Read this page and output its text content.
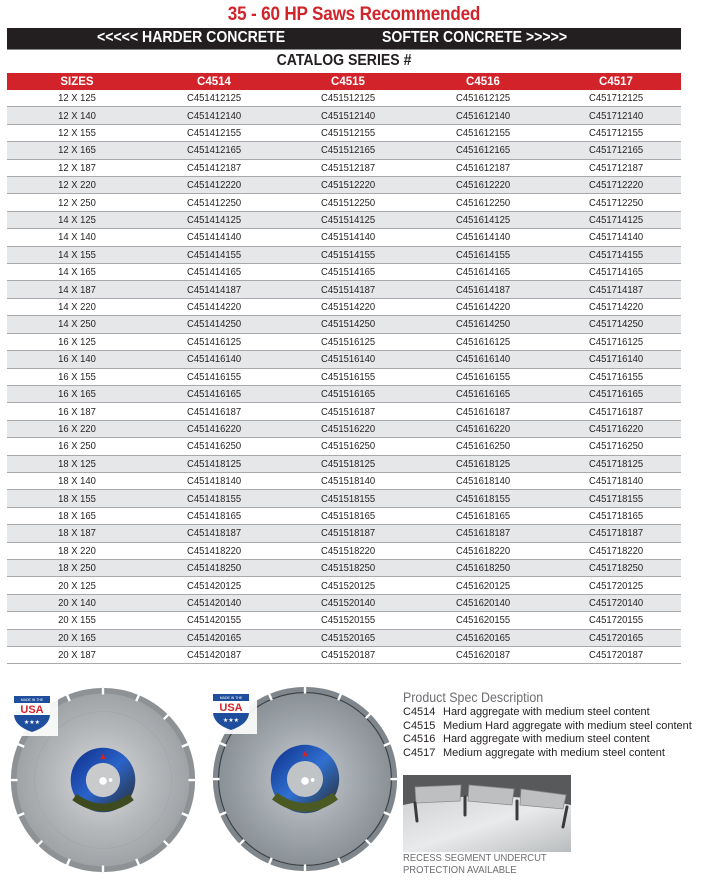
35 - 60 HP Saws Recommended
<<<<< HARDER CONCRETE	SOFTER CONCRETE >>>>>
CATALOG SERIES #
SIZES	C4514	C4515	C4516	C4517
12 X 125	C451412125	C451512125	C451612125	C451712125
12 X 140	C451412140	C451512140	C451612140	C451712140
12 X 155	C451412155	C451512155	C451612155	C451712155
12 X 165	C451412165	C451512165	C451612165	C451712165
12 X 187	C451412187	C451512187	C451612187	C451712187
12 X 220	C451412220	C451512220	C451612220	C451712220
12 X 250	C451412250	C451512250	C451612250	C451712250
14 X 125	C451414125	C451514125	C451614125	C451714125
14 X 140	C451414140	C451514140	C451614140	C451714140
14 X 155	C451414155	C451514155	C451614155	C451714155
14 X 165	C451414165	C451514165	C451614165	C451714165
14 X 187	C451414187	C451514187	C451614187	C451714187
14 X 220	C451414220	C451514220	C451614220	C451714220
14 X 250	C451414250	C451514250	C451614250	C451714250
16 X 125	C451416125	C451516125	C451616125	C451716125
16 X 140	C451416140	C451516140	C451616140	C451716140
16 X 155	C451416155	C451516155	C451616155	C451716155
16 X 165	C451416165	C451516165	C451616165	C451716165
16 X 187	C451416187	C451516187	C451616187	C451716187
16 X 220	C451416220	C451516220	C451616220	C451716220
16 X 250	C451416250	C451516250	C451616250	C451716250
18 X 125	C451418125	C451518125	C451618125	C451718125
18 X 140	C451418140	C451518140	C451618140	C451718140
18 X 155	C451418155	C451518155	C451618155	C451718155
18 X 165	C451418165	C451518165	C451618165	C451718165
18 X 187	C451418187	C451518187	C451618187	C451718187
18 X 220	C451418220	C451518220	C451618220	C451718220
18 X 250	C451418250	C451518250	C451618250	C451718250
20 X 125	C451420125	C451520125	C451620125	C451720125
20 X 140	C451420140	C451520140	C451620140	C451720140
20 X 155	C451420155	C451520155	C451620155	C451720155
20 X 165	C451420165	C451520165	C451620165	C451720165
20 X 187	C451420187	C451520187	C451620187	C451720187
USA
MADE IN THE
★★★
USA
MADE IN THE
★★★
Product Spec Description
C4514 Hard aggregate with medium steel content
C4515 Medium Hard aggregate with medium steel content
C4516 Hard aggregate with medium steel content
C4517 Medium aggregate with medium steel content
RECESS SEGMENT UNDERCUT
PROTECTION AVAILABLE
